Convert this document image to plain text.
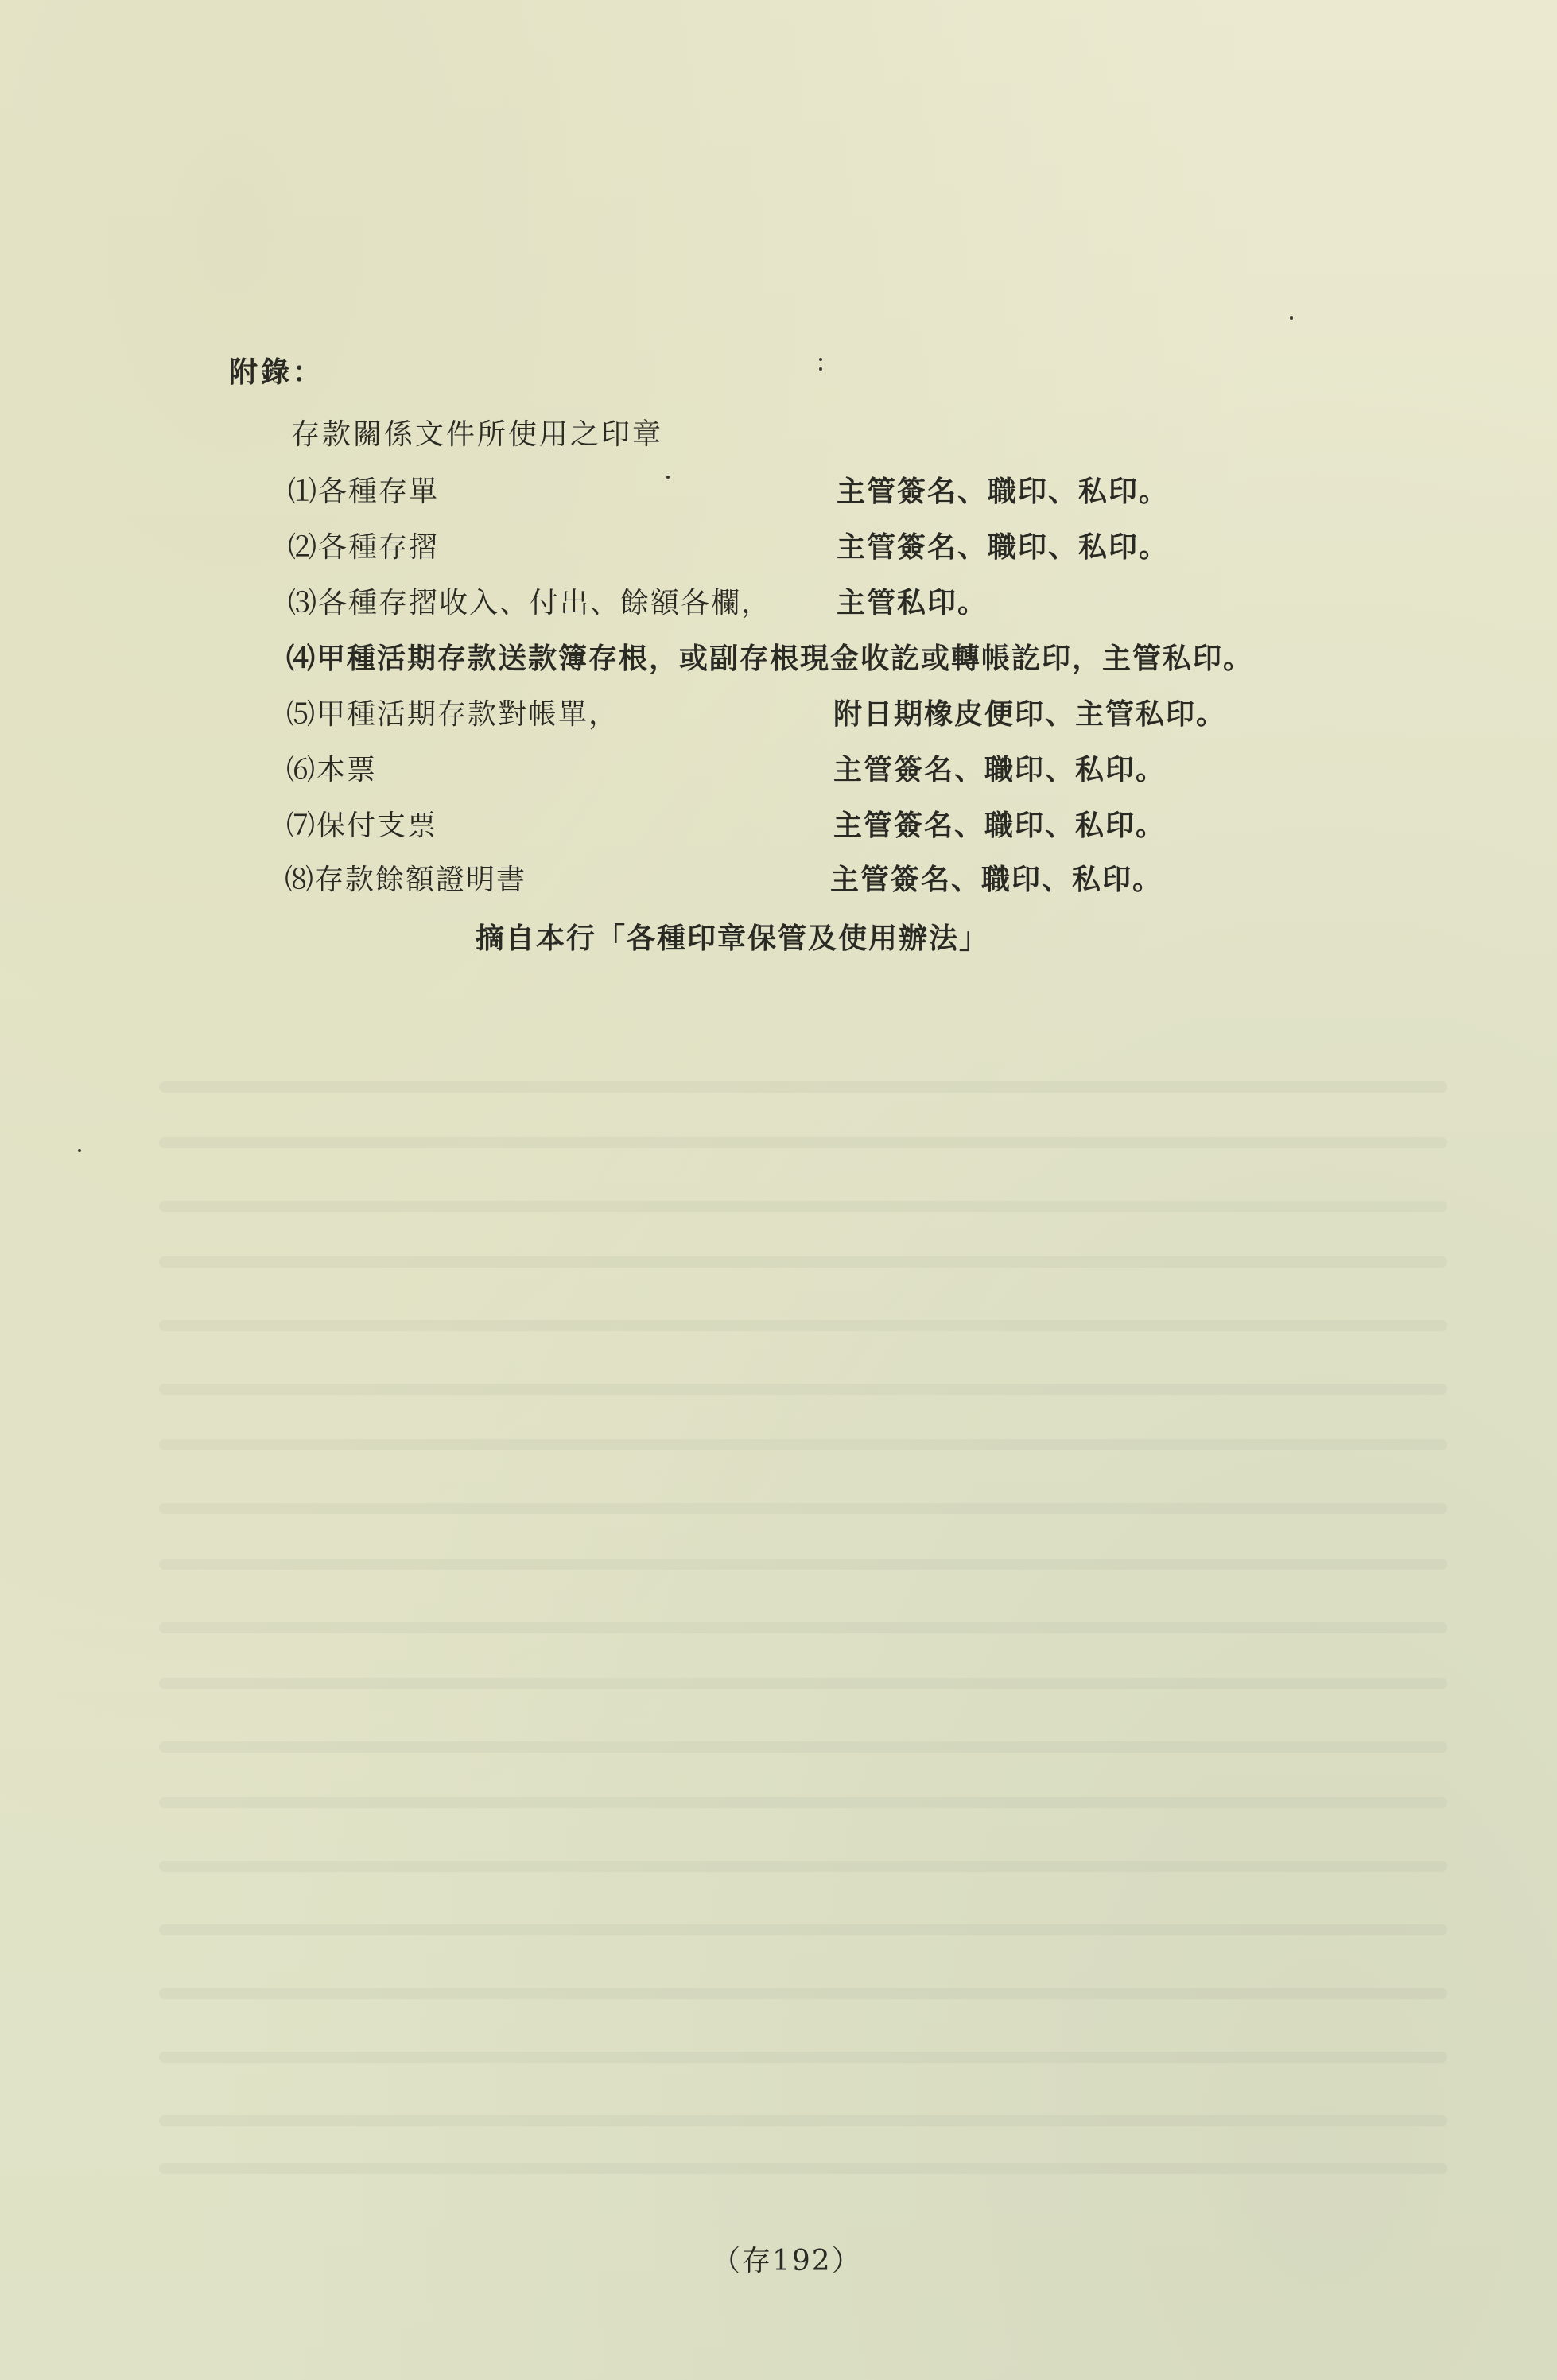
附錄：
存款關係文件所使用之印章
⑴各種存單	主管簽名、職印、私印。
⑵各種存摺	主管簽名、職印、私印。
⑶各種存摺收入、付出、餘額各欄， 主管私印。
⑷甲種活期存款送款簿存根，或副存根現金收訖或轉帳訖印，主管私印。
⑸甲種活期存款對帳單，	附日期橡皮便印、主管私印。
⑹本票	主管簽名、職印、私印。
⑺保付支票	主管簽名、職印、私印。
⑻存款餘額證明書	主管簽名、職印、私印。
摘自本行「各種印章保管及使用辦法」
（存192）
